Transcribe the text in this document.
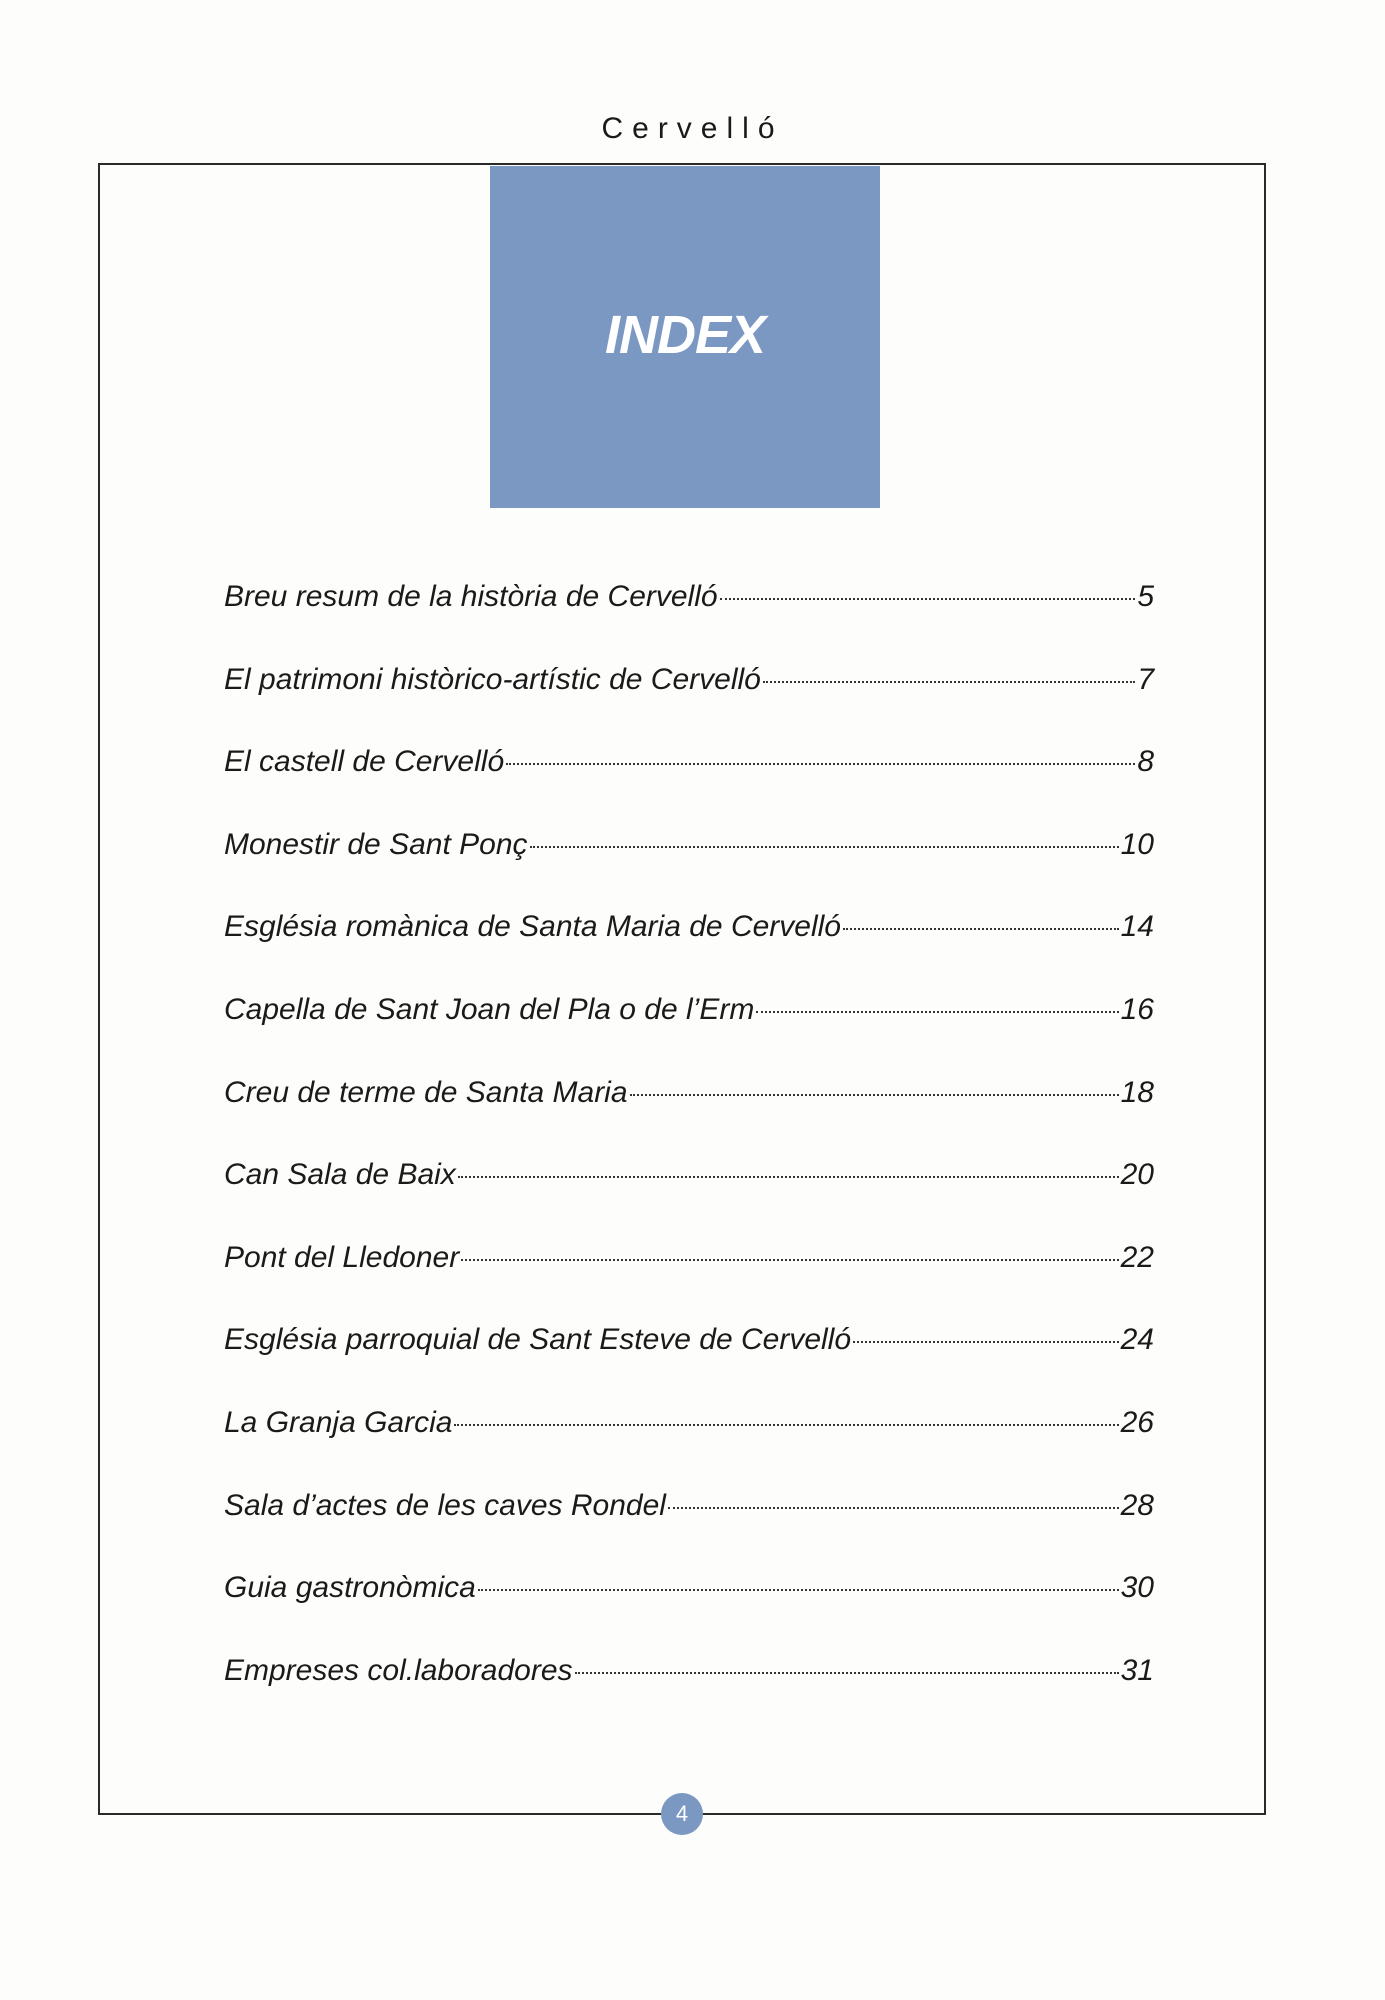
Cervelló
INDEX
Breu resum de la història de Cervelló	5
El patrimoni històrico-artístic de Cervelló	7
El castell de Cervelló	8
Monestir de Sant Ponç	10
Església romànica de Santa Maria de Cervelló	14
Capella de Sant Joan del Pla o de l’Erm	16
Creu de terme de Santa Maria	18
Can Sala de Baix	20
Pont del Lledoner	22
Església parroquial de Sant Esteve de Cervelló	24
La Granja Garcia	26
Sala d’actes de les caves Rondel	28
Guia gastronòmica	30
Empreses col.laboradores	31
4
